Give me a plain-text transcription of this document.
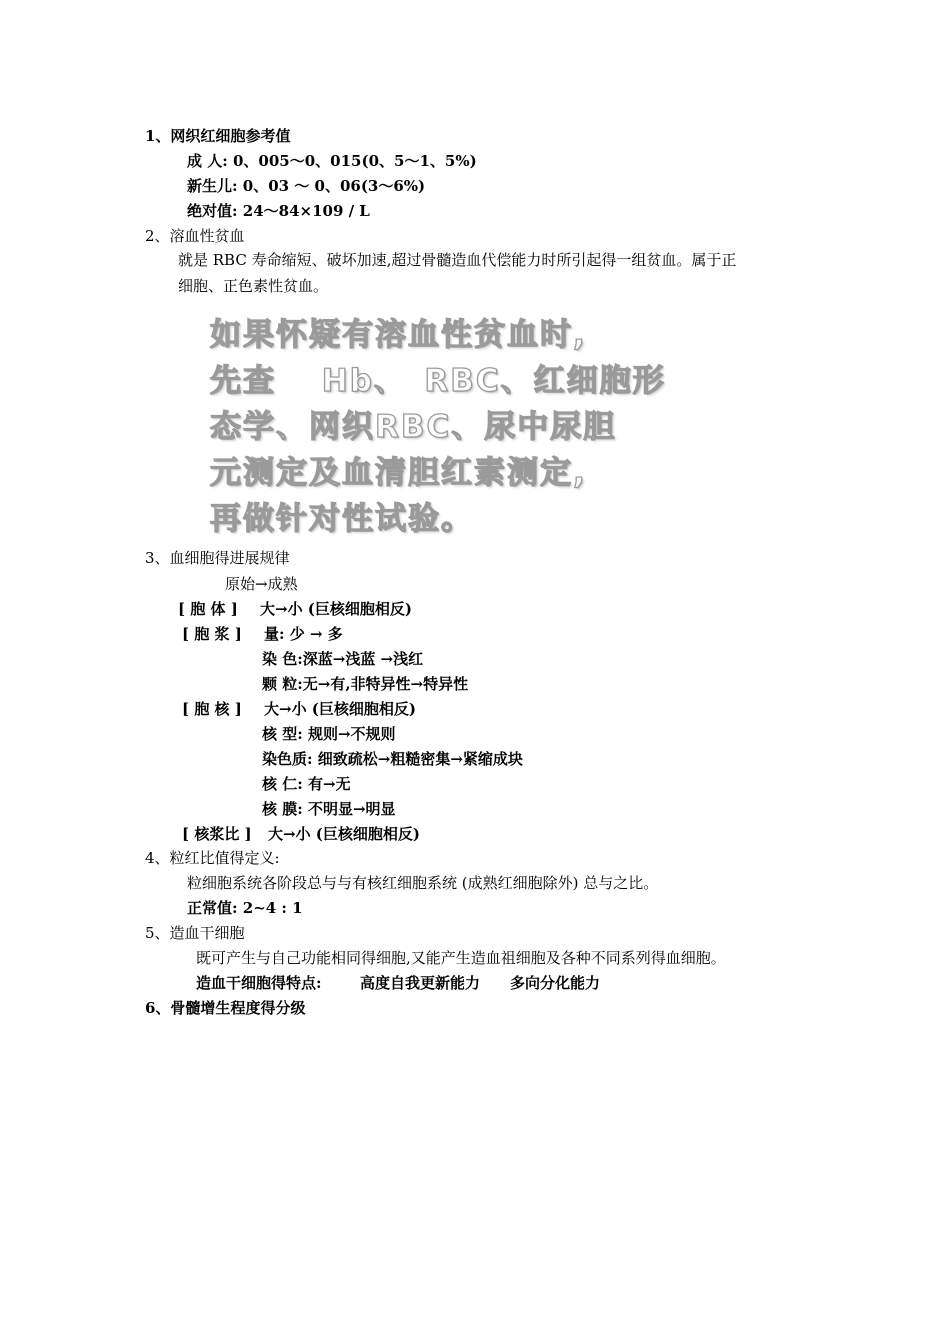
1、网织红细胞参考值
成 人: 0、005～0、015(0、5～1、5%)
新生儿: 0、03 ～ 0、06(3～6%)
绝对值: 24～84×109 / L
2、溶血性贫血
就是 RBC 寿命缩短、破坏加速,超过骨髓造血代偿能力时所引起得一组贫血。属于正
细胞、正色素性贫血。
如果怀疑有溶血性贫血时,
先查　 Hb、　RBC、红细胞形
态学、网织RBC、尿中尿胆
元测定及血清胆红素测定,
再做针对性试验。
3、血细胞得进展规律
原始→成熟
[ 胞 体 ] 大→小 (巨核细胞相反)
[ 胞 浆 ] 量: 少 → 多
染 色:深蓝→浅蓝 →浅红
颗 粒:无→有,非特异性→特异性
[ 胞 核 ] 大→小 (巨核细胞相反)
核 型: 规则→不规则
染色质: 细致疏松→粗糙密集→紧缩成块
核 仁: 有→无
核 膜: 不明显→明显
[ 核浆比 ] 大→小 (巨核细胞相反)
4、粒红比值得定义:
粒细胞系统各阶段总与与有核红细胞系统 (成熟红细胞除外) 总与之比。
正常值: 2~4 : 1
5、造血干细胞
既可产生与自己功能相同得细胞,又能产生造血祖细胞及各种不同系列得血细胞。
造血干细胞得特点:	高度自我更新能力 多向分化能力
6、骨髓增生程度得分级
